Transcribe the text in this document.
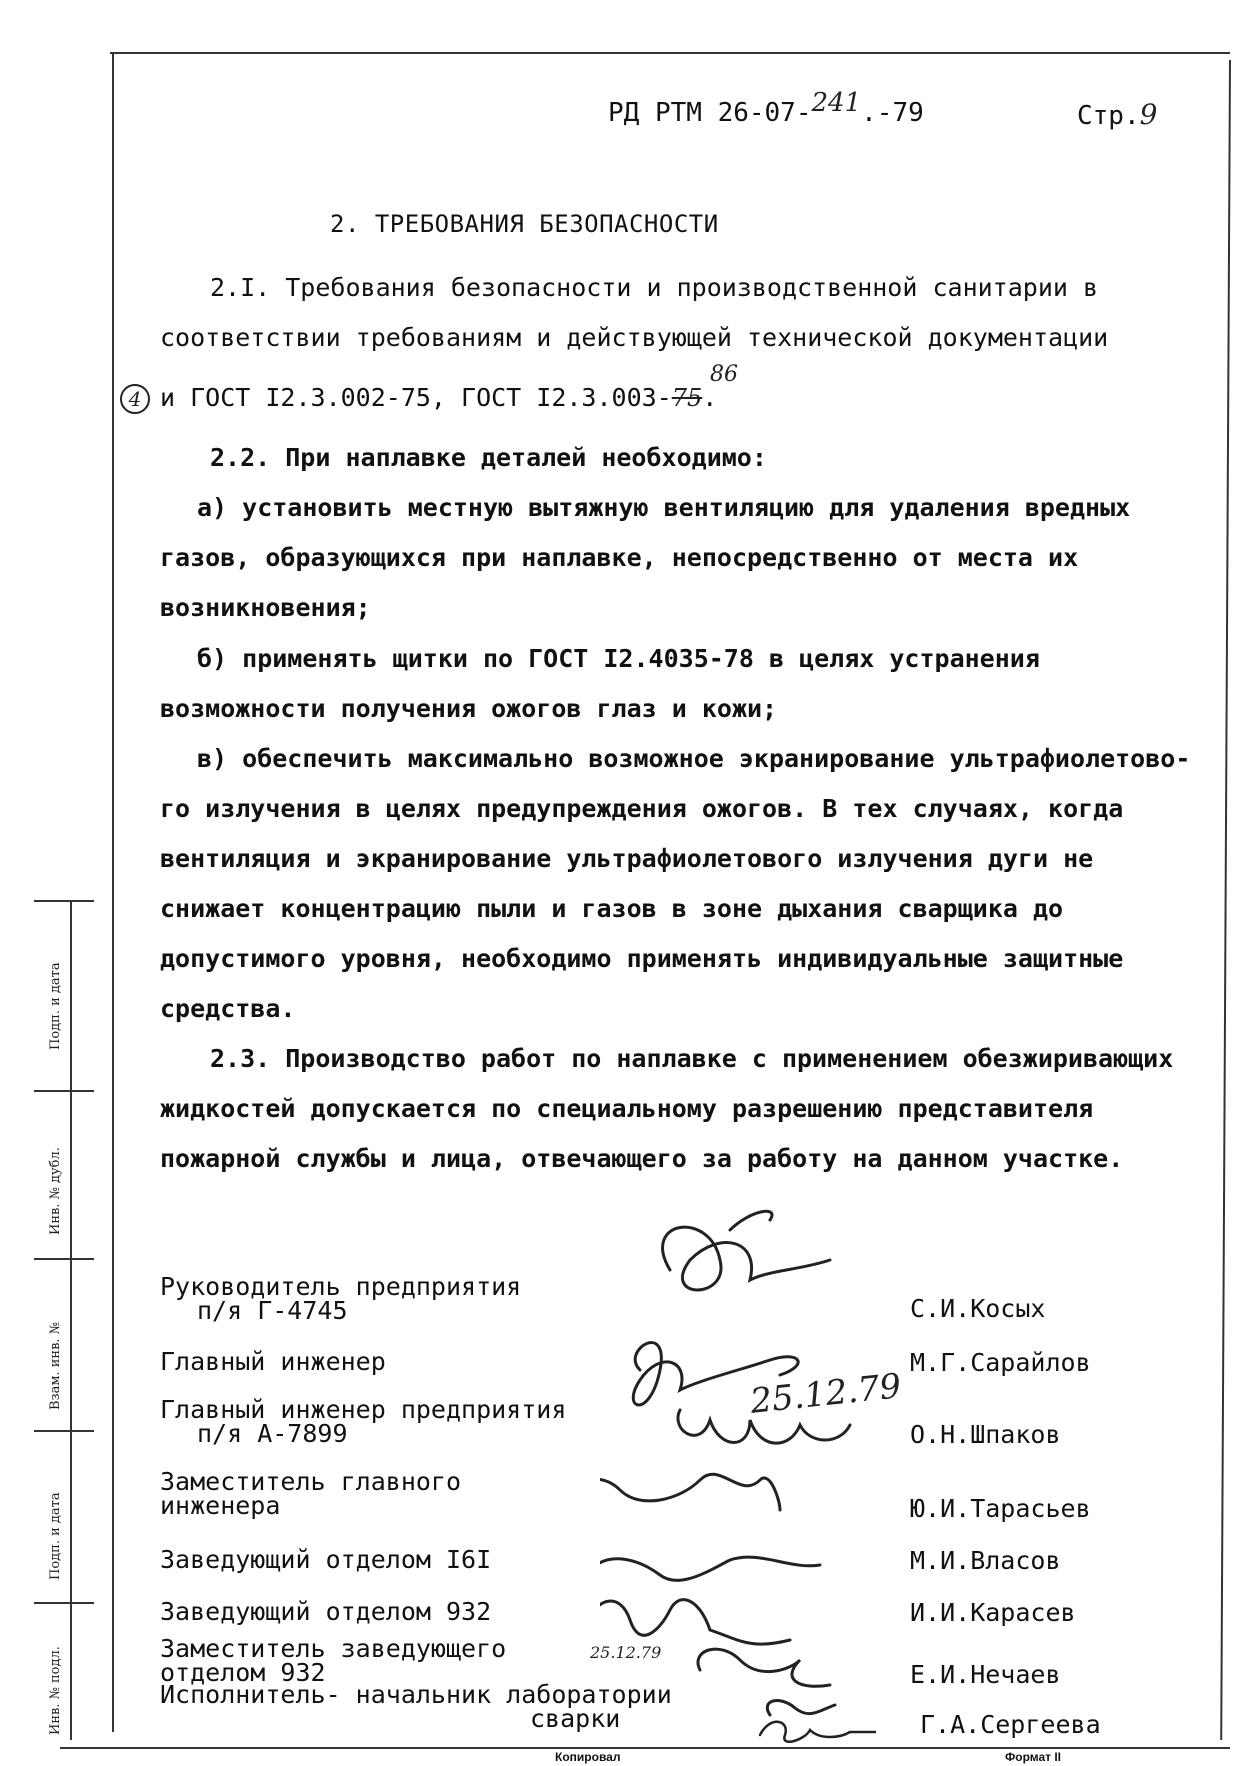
РД РТМ 26-07-241.-79	Стр.9
2. ТРЕБОВАНИЯ БЕЗОПАСНОСТИ
2.I. Требования безопасности и производственной санитарии в
соответствии требованиям и действующей технической документации
4 и ГОСТ I2.3.002-75, ГОСТ I2.3.003-75.
86
2.2. При наплавке деталей необходимо:
а) установить местную вытяжную вентиляцию для удаления вредных
газов, образующихся при наплавке, непосредственно от места их
возникновения;
б) применять щитки по ГОСТ I2.4035-78 в целях устранения
возможности получения ожогов глаз и кожи;
в) обеспечить максимально возможное экранирование ультрафиолетово-
го излучения в целях предупреждения ожогов. В тех случаях, когда
вентиляция и экранирование ультрафиолетового излучения дуги не
снижает концентрацию пыли и газов в зоне дыхания сварщика до
допустимого уровня, необходимо применять индивидуальные защитные
средства.
2.3. Производство работ по наплавке с применением обезжиривающих
жидкостей допускается по специальному разрешению представителя
пожарной службы и лица, отвечающего за работу на данном участке.
25.12.79
25.12.79
Руководитель предприятия
п/я Г-4745
Главный инженер
Главный инженер предприятия
п/я А-7899
Заместитель главного
инженера
Заведующий отделом I6I
Заведующий отделом 932
Заместитель заведующего
отделом 932
Исполнитель- начальник лаборатории
сварки
С.И.Косых
М.Г.Сарайлов
О.Н.Шпаков
Ю.И.Тарасьев
М.И.Власов
И.И.Карасев
Е.И.Нечаев
Г.А.Сергеева
Подп. и дата
Инв. № дубл.
Взам. инв. №
Подп. и дата
Инв. № подл.
Копировал	Формат II
